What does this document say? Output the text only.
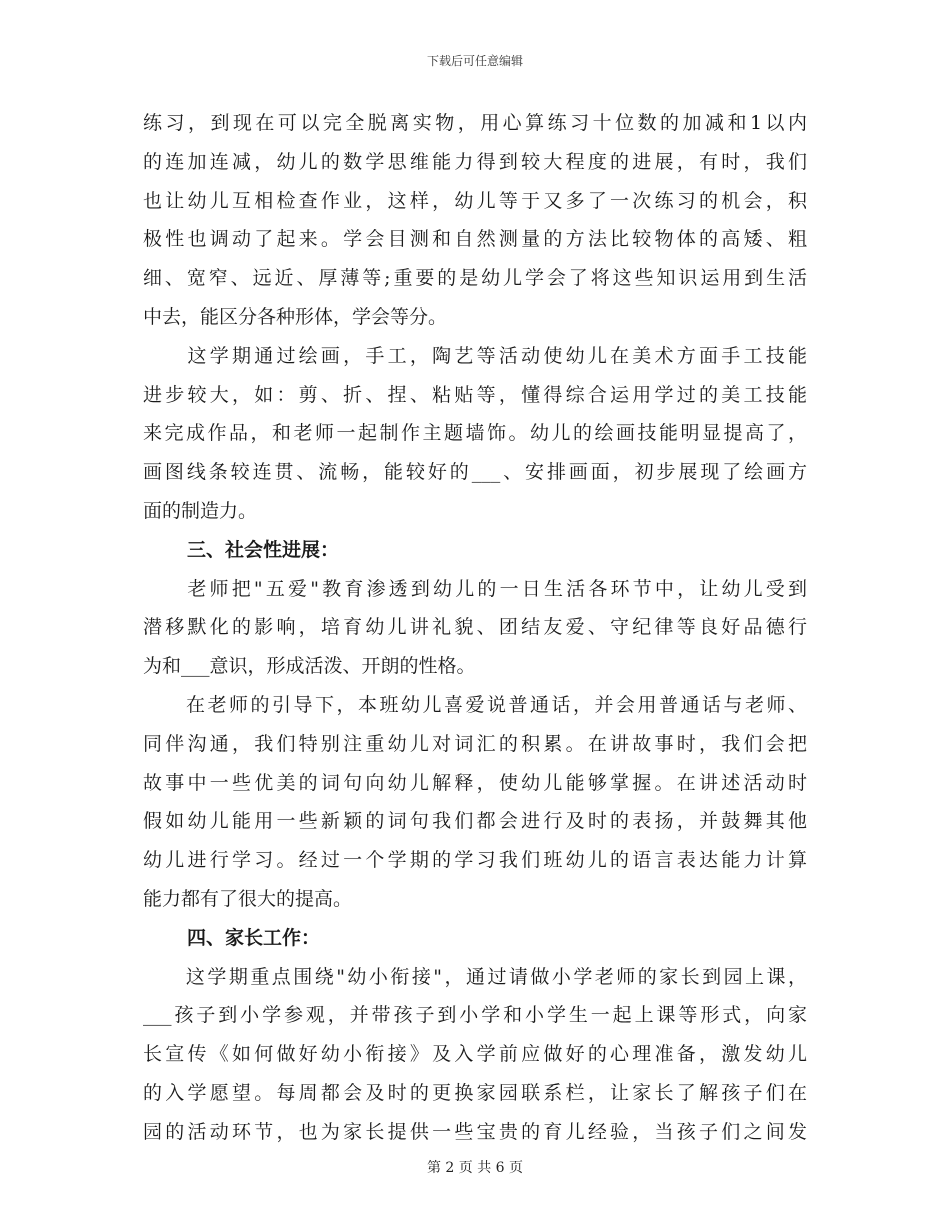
下载后可任意编辑
练习，到现在可以完全脱离实物，用心算练习十位数的加减和1以内
的连加连减，幼儿的数学思维能力得到较大程度的进展，有时，我们
也让幼儿互相检查作业，这样，幼儿等于又多了一次练习的机会，积
极性也调动了起来。学会目测和自然测量的方法比较物体的高矮、粗
细、宽窄、远近、厚薄等;重要的是幼儿学会了将这些知识运用到生活
中去，能区分各种形体，学会等分。
　　这学期通过绘画，手工，陶艺等活动使幼儿在美术方面手工技能
进步较大，如：剪、折、捏、粘贴等，懂得综合运用学过的美工技能
来完成作品，和老师一起制作主题墙饰。幼儿的绘画技能明显提高了，
画图线条较连贯、流畅，能较好的___、安排画面，初步展现了绘画方
面的制造力。
三、社会性进展：
　　老师把"五爱"教育渗透到幼儿的一日生活各环节中，让幼儿受到
潜移默化的影响，培育幼儿讲礼貌、团结友爱、守纪律等良好品德行
为和___意识，形成活泼、开朗的性格。
　　在老师的引导下，本班幼儿喜爱说普通话，并会用普通话与老师、
同伴沟通，我们特别注重幼儿对词汇的积累。在讲故事时，我们会把
故事中一些优美的词句向幼儿解释，使幼儿能够掌握。在讲述活动时
假如幼儿能用一些新颖的词句我们都会进行及时的表扬，并鼓舞其他
幼儿进行学习。经过一个学期的学习我们班幼儿的语言表达能力计算
能力都有了很大的提高。
四、家长工作：
　　这学期重点围绕"幼小衔接"，通过请做小学老师的家长到园上课，
___孩子到小学参观，并带孩子到小学和小学生一起上课等形式，向家
长宣传《如何做好幼小衔接》及入学前应做好的心理准备，激发幼儿
的入学愿望。每周都会及时的更换家园联系栏，让家长了解孩子们在
园的活动环节，也为家长提供一些宝贵的育儿经验，当孩子们之间发
第 2 页 共 6 页
